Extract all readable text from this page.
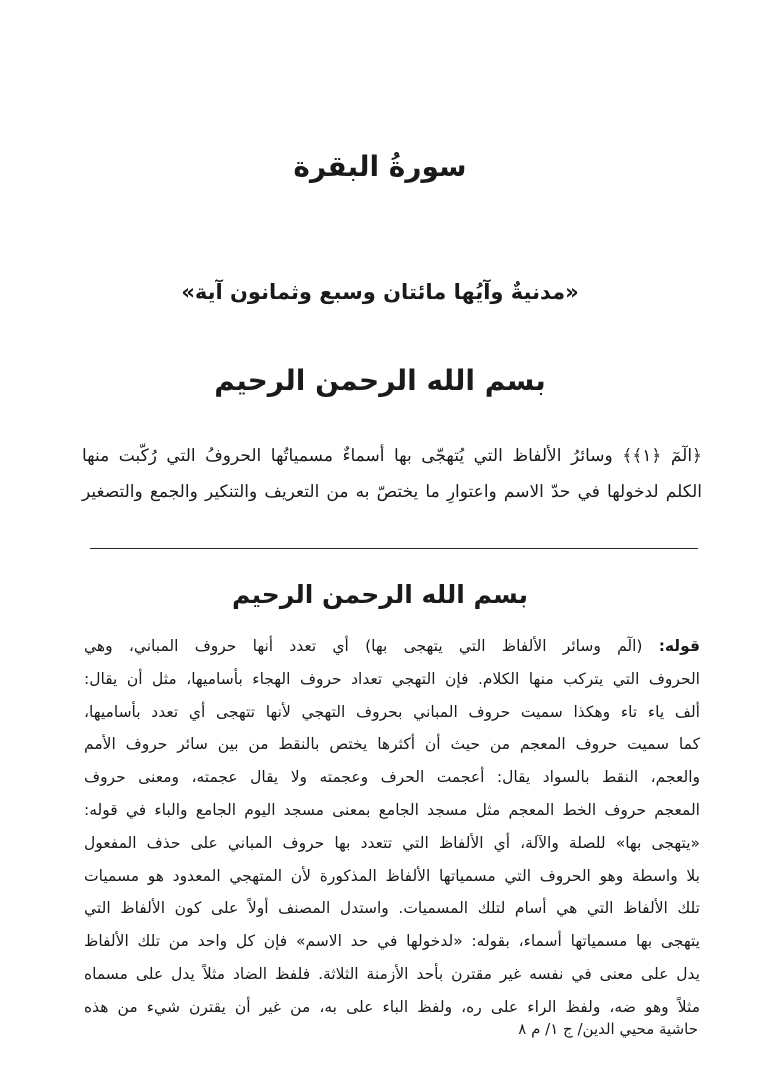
سورةُ البقرة
«مدنيةٌ وآيُها مائتان وسبع وثمانون آية»
بسم الله الرحمن الرحيم
﴿الٓمٓ ﴿١﴾﴾ وسائرُ الألفاظ التي يُتهجّى بها أسماءٌ مسمياتُها الحروفُ التي رُكّبت منها
الكلم لدخولها في حدّ الاسم واعتوارِ ما يختصّ به من التعريف والتنكير والجمع والتصغير
بسم الله الرحمن الرحيم
قوله: (الٓم وسائر الألفاظ التي يتهجى بها) أي تعدد أنها حروف المباني، وهي
الحروف التي يتركب منها الكلام. فإن التهجي تعداد حروف الهجاء بأساميها، مثل أن يقال:
ألف ياء تاء وهكذا سميت حروف المباني بحروف التهجي لأنها تتهجى أي تعدد بأساميها،
كما سميت حروف المعجم من حيث أن أكثرها يختص بالنقط من بين سائر حروف الأمم
والعجم، النقط بالسواد يقال: أعجمت الحرف وعجمته ولا يقال عجمته، ومعنى حروف
المعجم حروف الخط المعجم مثل مسجد الجامع بمعنى مسجد اليوم الجامع والباء في قوله:
«يتهجى بها» للصلة والآلة، أي الألفاظ التي تتعدد بها حروف المباني على حذف المفعول
بلا واسطة وهو الحروف التي مسمياتها الألفاظ المذكورة لأن المتهجي المعدود هو مسميات
تلك الألفاظ التي هي أسام لتلك المسميات. واستدل المصنف أولاً على كون الألفاظ التي
يتهجى بها مسمياتها أسماء، بقوله: «لدخولها في حد الاسم» فإن كل واحد من تلك الألفاظ
يدل على معنى في نفسه غير مقترن بأحد الأزمنة الثلاثة. فلفظ الضاد مثلاً يدل على مسماه
مثلاً وهو ضه، ولفظ الراء على ره، ولفظ الباء على به، من غير أن يقترن شيء من هذه
حاشية محيي الدين/ ج ١/ م ٨
